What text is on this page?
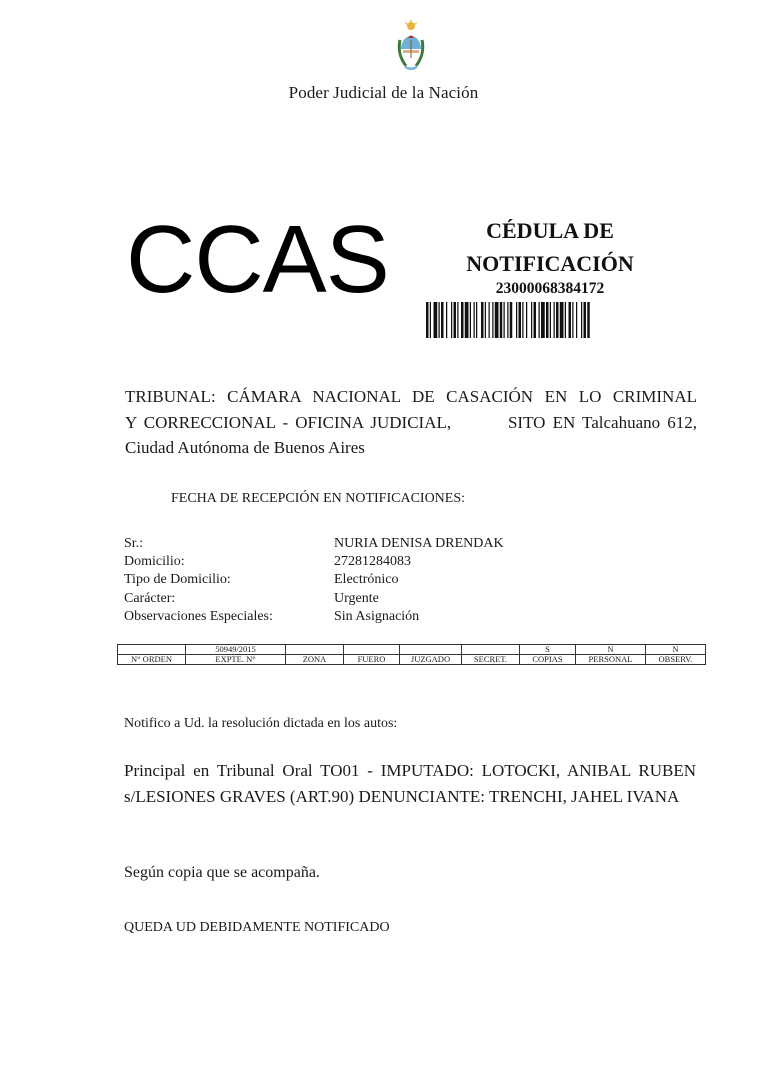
Poder Judicial de la Nación
CCAS	CÉDULA DE
NOTIFICACIÓN
23000068384172
TRIBUNAL: CÁMARA NACIONAL DE CASACIÓN EN LO CRIMINAL
Y CORRECCIONAL - OFICINA JUDICIAL,        SITO EN Talcahuano 612,
Ciudad Autónoma de Buenos Aires
FECHA DE RECEPCIÓN EN NOTIFICACIONES:
Sr.:	NURIA DENISA DRENDAK
Domicilio:	27281284083
Tipo de Domicilio:	Electrónico
Carácter:	Urgente
Observaciones Especiales:	Sin Asignación
	50949/2015					S	N	N
N° ORDEN	EXPTE. N°	ZONA	FUERO	JUZGADO	SECRET.	COPIAS	PERSONAL	OBSERV.
Notifico a Ud. la resolución dictada en los autos:
Principal en Tribunal Oral TO01 - IMPUTADO: LOTOCKI, ANIBAL RUBEN s/LESIONES GRAVES (ART.90) DENUNCIANTE: TRENCHI, JAHEL IVANA
Según copia que se acompaña.
QUEDA UD DEBIDAMENTE NOTIFICADO
